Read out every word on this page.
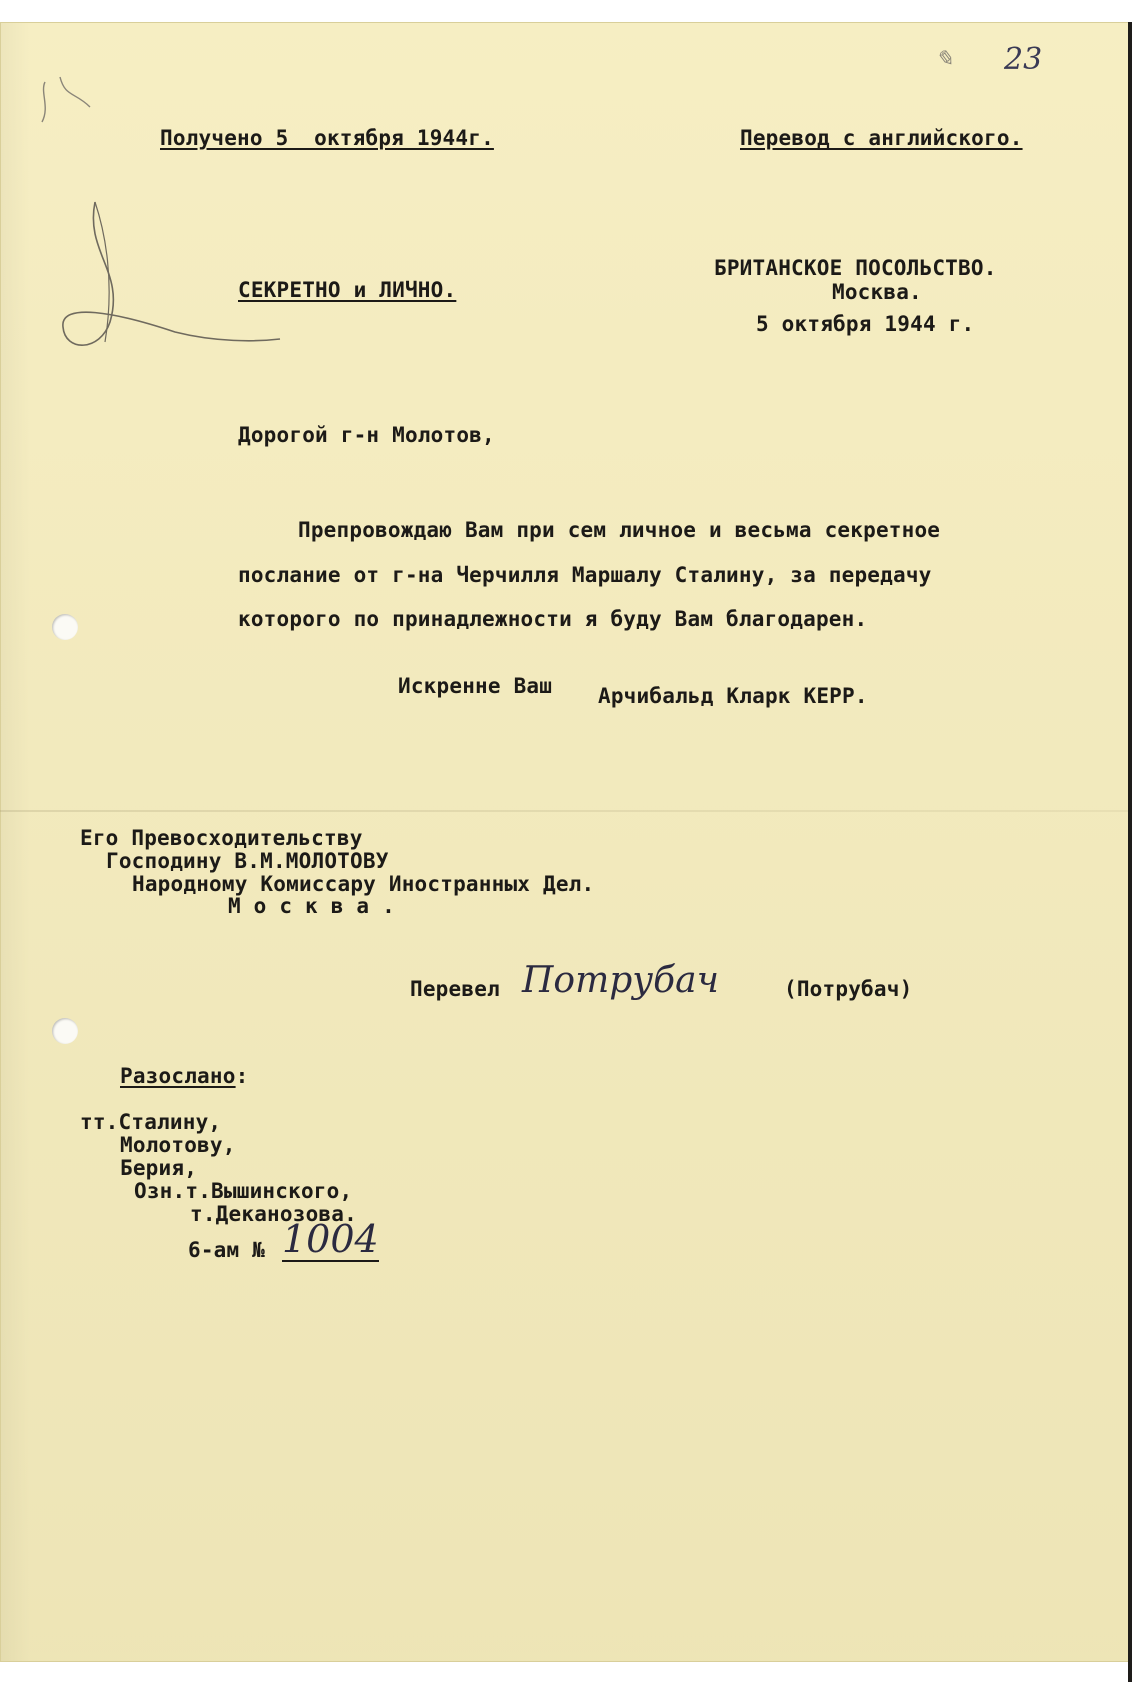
23
✎
Получено 5  октября 1944г.	Перевод с английского.
СЕКРЕТНО и ЛИЧНО.
БРИТАНСКОЕ ПОСОЛЬСТВО.
Москва.
5 октября 1944 г.
Дорогой г-н Молотов,
Препровождаю Вам при сем личное и весьма секретное
послание от г-на Черчилля Маршалу Сталину, за передачу
которого по принадлежности я буду Вам благодарен.
Искренне Ваш Арчибальд Кларк КЕРР.
Его Превосходительству
Господину В.М.МОЛОТОВУ
Народному Комиссару Иностранных Дел.
М о с к в а .
Перевел Потрубач	(Потрубач)
Разослано:
тт.Сталину,
Молотову,
Берия,
Озн.т.Вышинского,
т.Деканозова.
6-ам № 1004
